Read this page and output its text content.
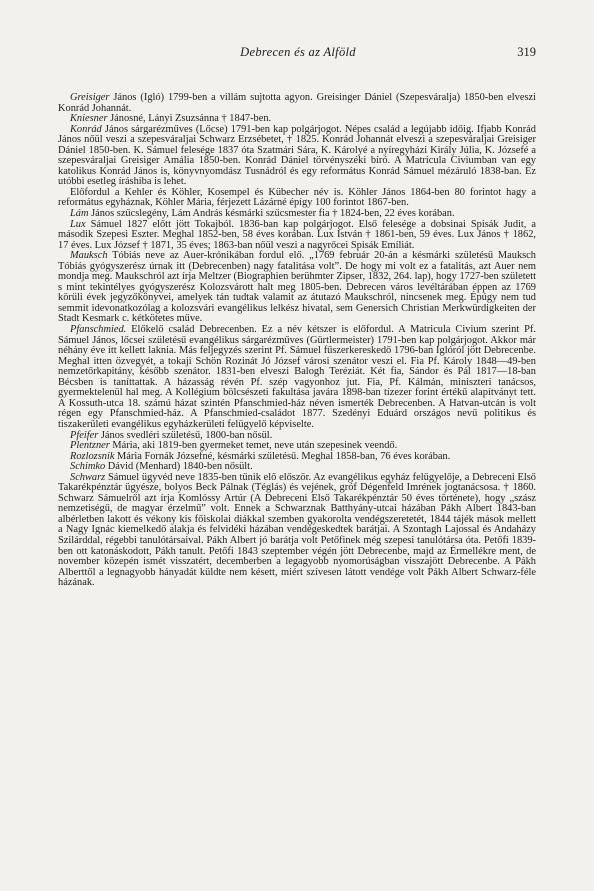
Debrecen és az Alföld	319

Greisiger János (Igló) 1799-ben a villám sujtotta agyon. Greisinger Dániel (Szepesváralja) 1850-ben elveszi Konrád Johannát.

Kniesner Jánosné, Lányi Zsuzsánna † 1847-ben.

Konrád János sárgarézműves (Lőcse) 1791-ben kap polgárjogot. Népes család a legújabb időig. Ifjabb Konrád János nőül veszi a szepesváraljai Schwarz Erzsébetet, † 1825. Konrád Johannát elveszi a szepesváraljai Greisiger Dániel 1850-ben. K. Sámuel felesége 1837 óta Szatmári Sára, K. Károlyé a nyíregyházi Király Júlia, K. Józsefé a szepesváraljai Greisiger Amália 1850-ben. Konrád Dániel törvényszéki bíró. A Matricula Civiumban van egy katolikus Konrád János is, könyvnyomdász Tusnádról és egy református Konrád Sámuel mézáruló 1838-ban. Ez utóbbi esetleg íráshiba is lehet.

Előfordul a Kehler és Köhler, Kosempel és Kübecher név is. Köhler János 1864-ben 80 forintot hagy a református egyháznak, Köhler Mária, férjezett Lázárné épígy 100 forintot 1867-ben.

Lám János szűcslegény, Lám András késmárki szűcsmester fia † 1824-ben, 22 éves korában.

Lux Sámuel 1827 előtt jött Tokajból. 1836-ban kap polgárjogot. Első felesége a dobsinai Spisák Judit, a második Szepesi Eszter. Meghal 1852-ben, 58 éves korában. Lux István † 1861-ben, 59 éves. Lux János † 1862, 17 éves. Lux József † 1871, 35 éves; 1863-ban nőül veszi a nagyrőcei Spisák Emíliát.

Mauksch Tóbiás neve az Auer-krónikában fordul elő. „1769 február 20-án a késmárki születésű Mauksch Tóbiás gyógyszerész úrnak itt (Debrecenben) nagy fatalitása volt”. De hogy mi volt ez a fatalitás, azt Auer nem mondja meg. Maukschról azt írja Meltzer (Biographien berühmter Zipser, 1832, 264. lap), hogy 1727-ben született s mint tekintélyes gyógyszerész Kolozsvárott halt meg 1805-ben. Debrecen város levéltárában éppen az 1769 körüli évek jegyzőkönyvei, amelyek tán tudtak valamit az átutazó Maukschról, nincsenek meg. Épúgy nem tud semmit idevonatkozólag a kolozsvári evangélikus lelkész hivatal, sem Genersich Christian Merkwürdigkeiten der Stadt Kesmark c. kétkötetes műve.

Pfanschmied. Előkelő család Debrecenben. Ez a név kétszer is előfordul. A Matricula Civium szerint Pf. Sámuel János, lőcsei születésű evangélikus sárgarézműves (Gürtlermeister) 1791-ben kap polgárjogot. Akkor már néhány éve itt kellett laknia. Más feljegyzés szerint Pf. Sámuel fűszerkereskedő 1796-ban Iglóról jött Debrecenbe. Meghal itten özvegyét, a tokaji Schön Rozinát Jó József városi szenátor veszi el. Fia Pf. Károly 1848—49-ben nemzetőrkapitány, később szenátor. 1831-ben elveszi Balogh Teréziát. Két fia, Sándor és Pál 1817—18-ban Bécsben is taníttattak. A házasság révén Pf. szép vagyonhoz jut. Fia, Pf. Kálmán, miniszteri tanácsos, gyermektelenül hal meg. A Kollégium bölcsészeti fakultása javára 1898-ban tízezer forint értékű alapítványt tett. A Kossuth-utca 18. számú házat szintén Pfanschmied-ház néven ismerték Debrecenben. A Hatvan-utcán is volt régen egy Pfanschmied-ház. A Pfanschmied-családot 1877. Szedényi Eduárd országos nevű politikus és tiszakerületi evangélikus egyházkerületi felügyelő képviselte.

Pfeifer János svedléri születésű, 1800-ban nősül.

Plentzner Mária, aki 1819-ben gyermeket temet, neve után szepesinek veendő.

Rozlozsnik Mária Fornák Józsefné, késmárki születésű. Meghal 1858-ban, 76 éves korában.

Schimko Dávid (Menhard) 1840-ben nősült.

Schwarz Sámuel ügyvéd neve 1835-ben tűnik elő először. Az evangélikus egyház felügyelője, a Debreceni Első Takarékpénztár ügyésze, bolyos Beck Pálnak (Téglás) és vejének, gróf Dégenfeld Imrének jogtanácsosa. † 1860. Schwarz Sámuelről azt írja Komlóssy Artúr (A Debreceni Első Takarékpénztár 50 éves története), hogy „szász nemzetiségű, de magyar érzelmű” volt. Ennek a Schwarznak Batthyány-utcai házában Pákh Albert 1843-ban albérletben lakott és vékony kis főiskolai diákkal szemben gyakorolta vendégszeretetét, 1844 tájék mások mellett a Nagy Ignác kiemelkedő alakja és felvidéki házában vendégeskedtek barátjai. A Szontagh Lajossal és Andaházy Szilárddal, régebbi tanulótársaival. Pákh Albert jó barátja volt Petőfinek még szepesi tanulótársa óta. Petőfi 1839-ben ott katonáskodott, Pákh tanult. Petőfi 1843 szeptember végén jött Debrecenbe, majd az Érmellékre ment, de november közepén ismét visszatért, decemberben a legagyobb nyomorúságban visszajött Debrecenbe. A Pákh Alberttől a legnagyobb hányadát küldte nem késett, miért szívesen látott vendége volt Pákh Albert Schwarz-féle házának.
